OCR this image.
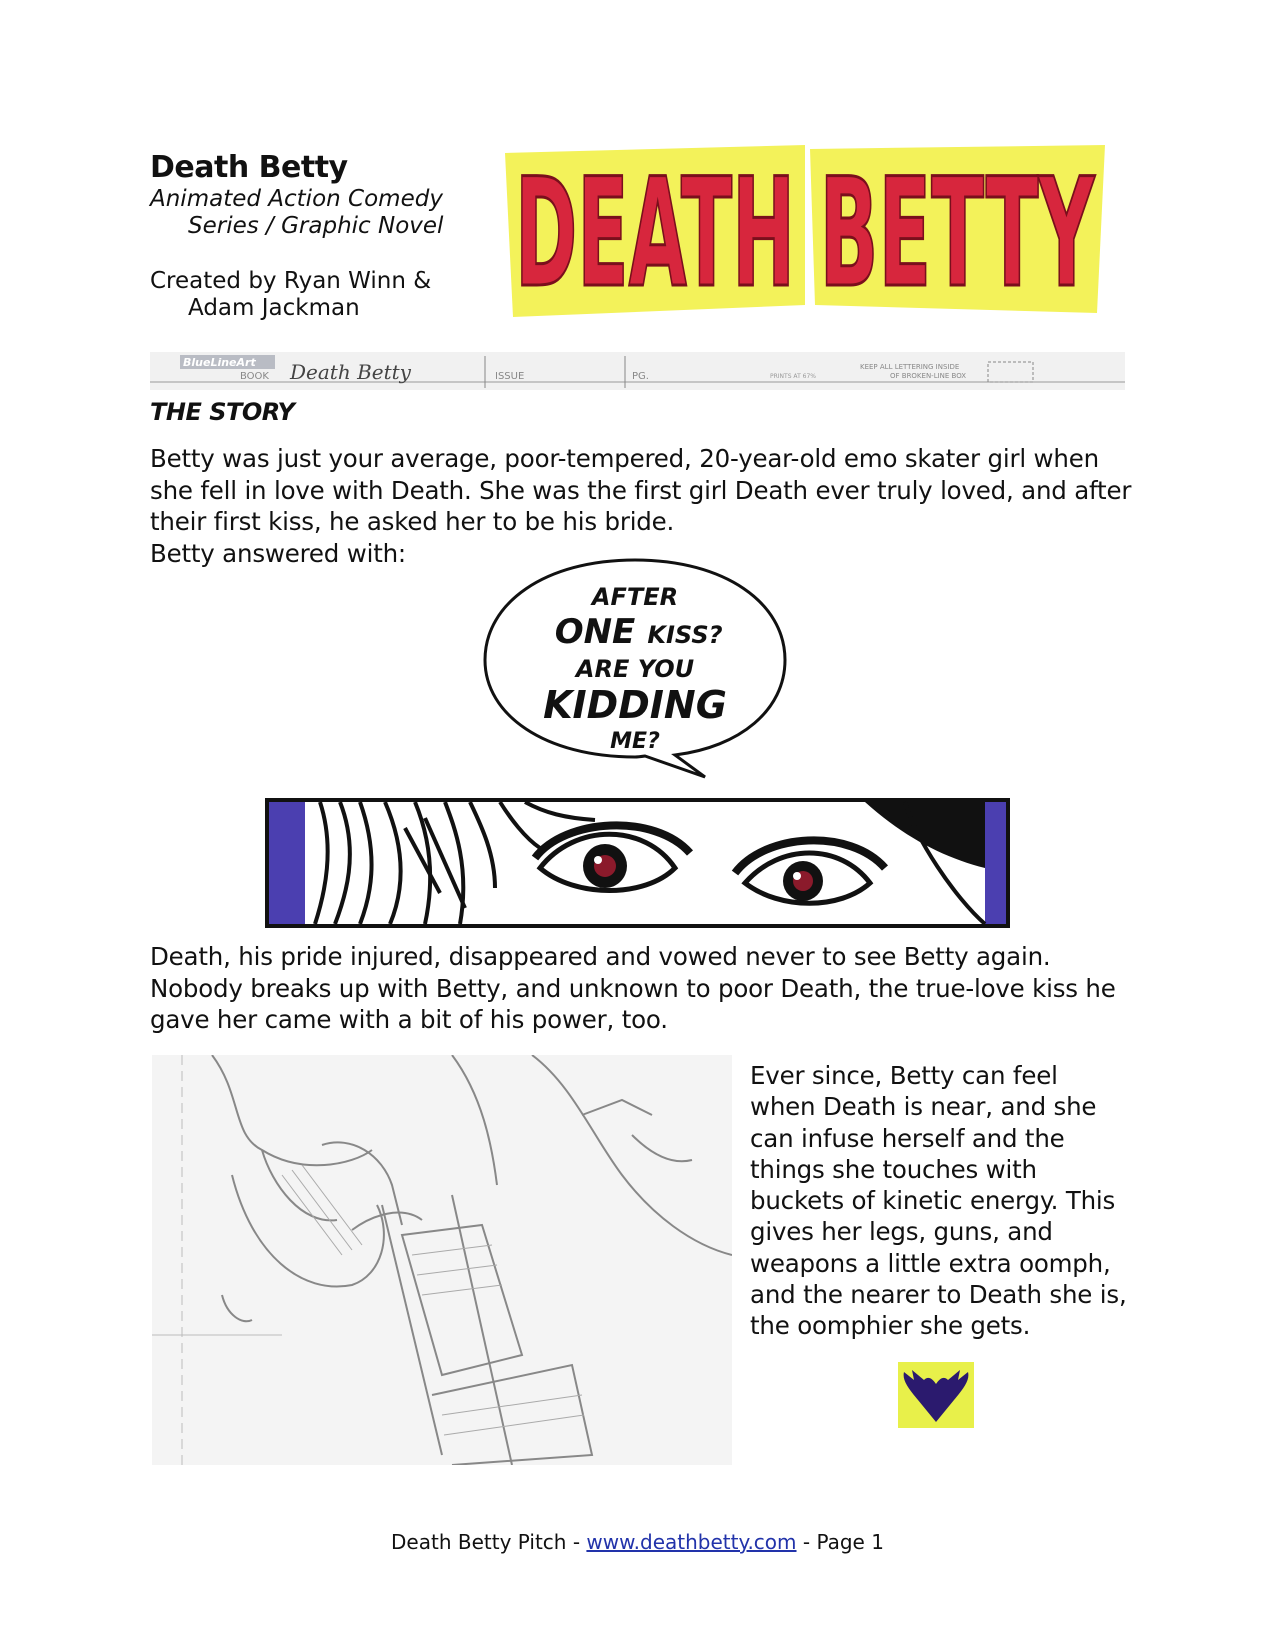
Death Betty
Animated Action Comedy
Series / Graphic Novel
Created by Ryan Winn &
Adam Jackman	DEATH BETTY
BlueLineArt
BOOK Death Betty	ISSUE	PG.	PRINTS AT 67%
KEEP ALL LETTERING INSIDE
OF BROKEN-LINE BOX
THE STORY
Betty was just your average, poor-tempered, 20-year-old emo skater girl when
she fell in love with Death. She was the first girl Death ever truly loved, and after
their first kiss, he asked her to be his bride.
Betty answered with:
AFTER
ONE KISS?
ARE YOU
KIDDING
ME?
Death, his pride injured, disappeared and vowed never to see Betty again.
Nobody breaks up with Betty, and unknown to poor Death, the true-love kiss he
gave her came with a bit of his power, too.
Ever since, Betty can feel
when Death is near, and she
can infuse herself and the
things she touches with
buckets of kinetic energy. This
gives her legs, guns, and
weapons a little extra oomph,
and the nearer to Death she is,
the oomphier she gets.
Death Betty Pitch - www.deathbetty.com - Page 1
